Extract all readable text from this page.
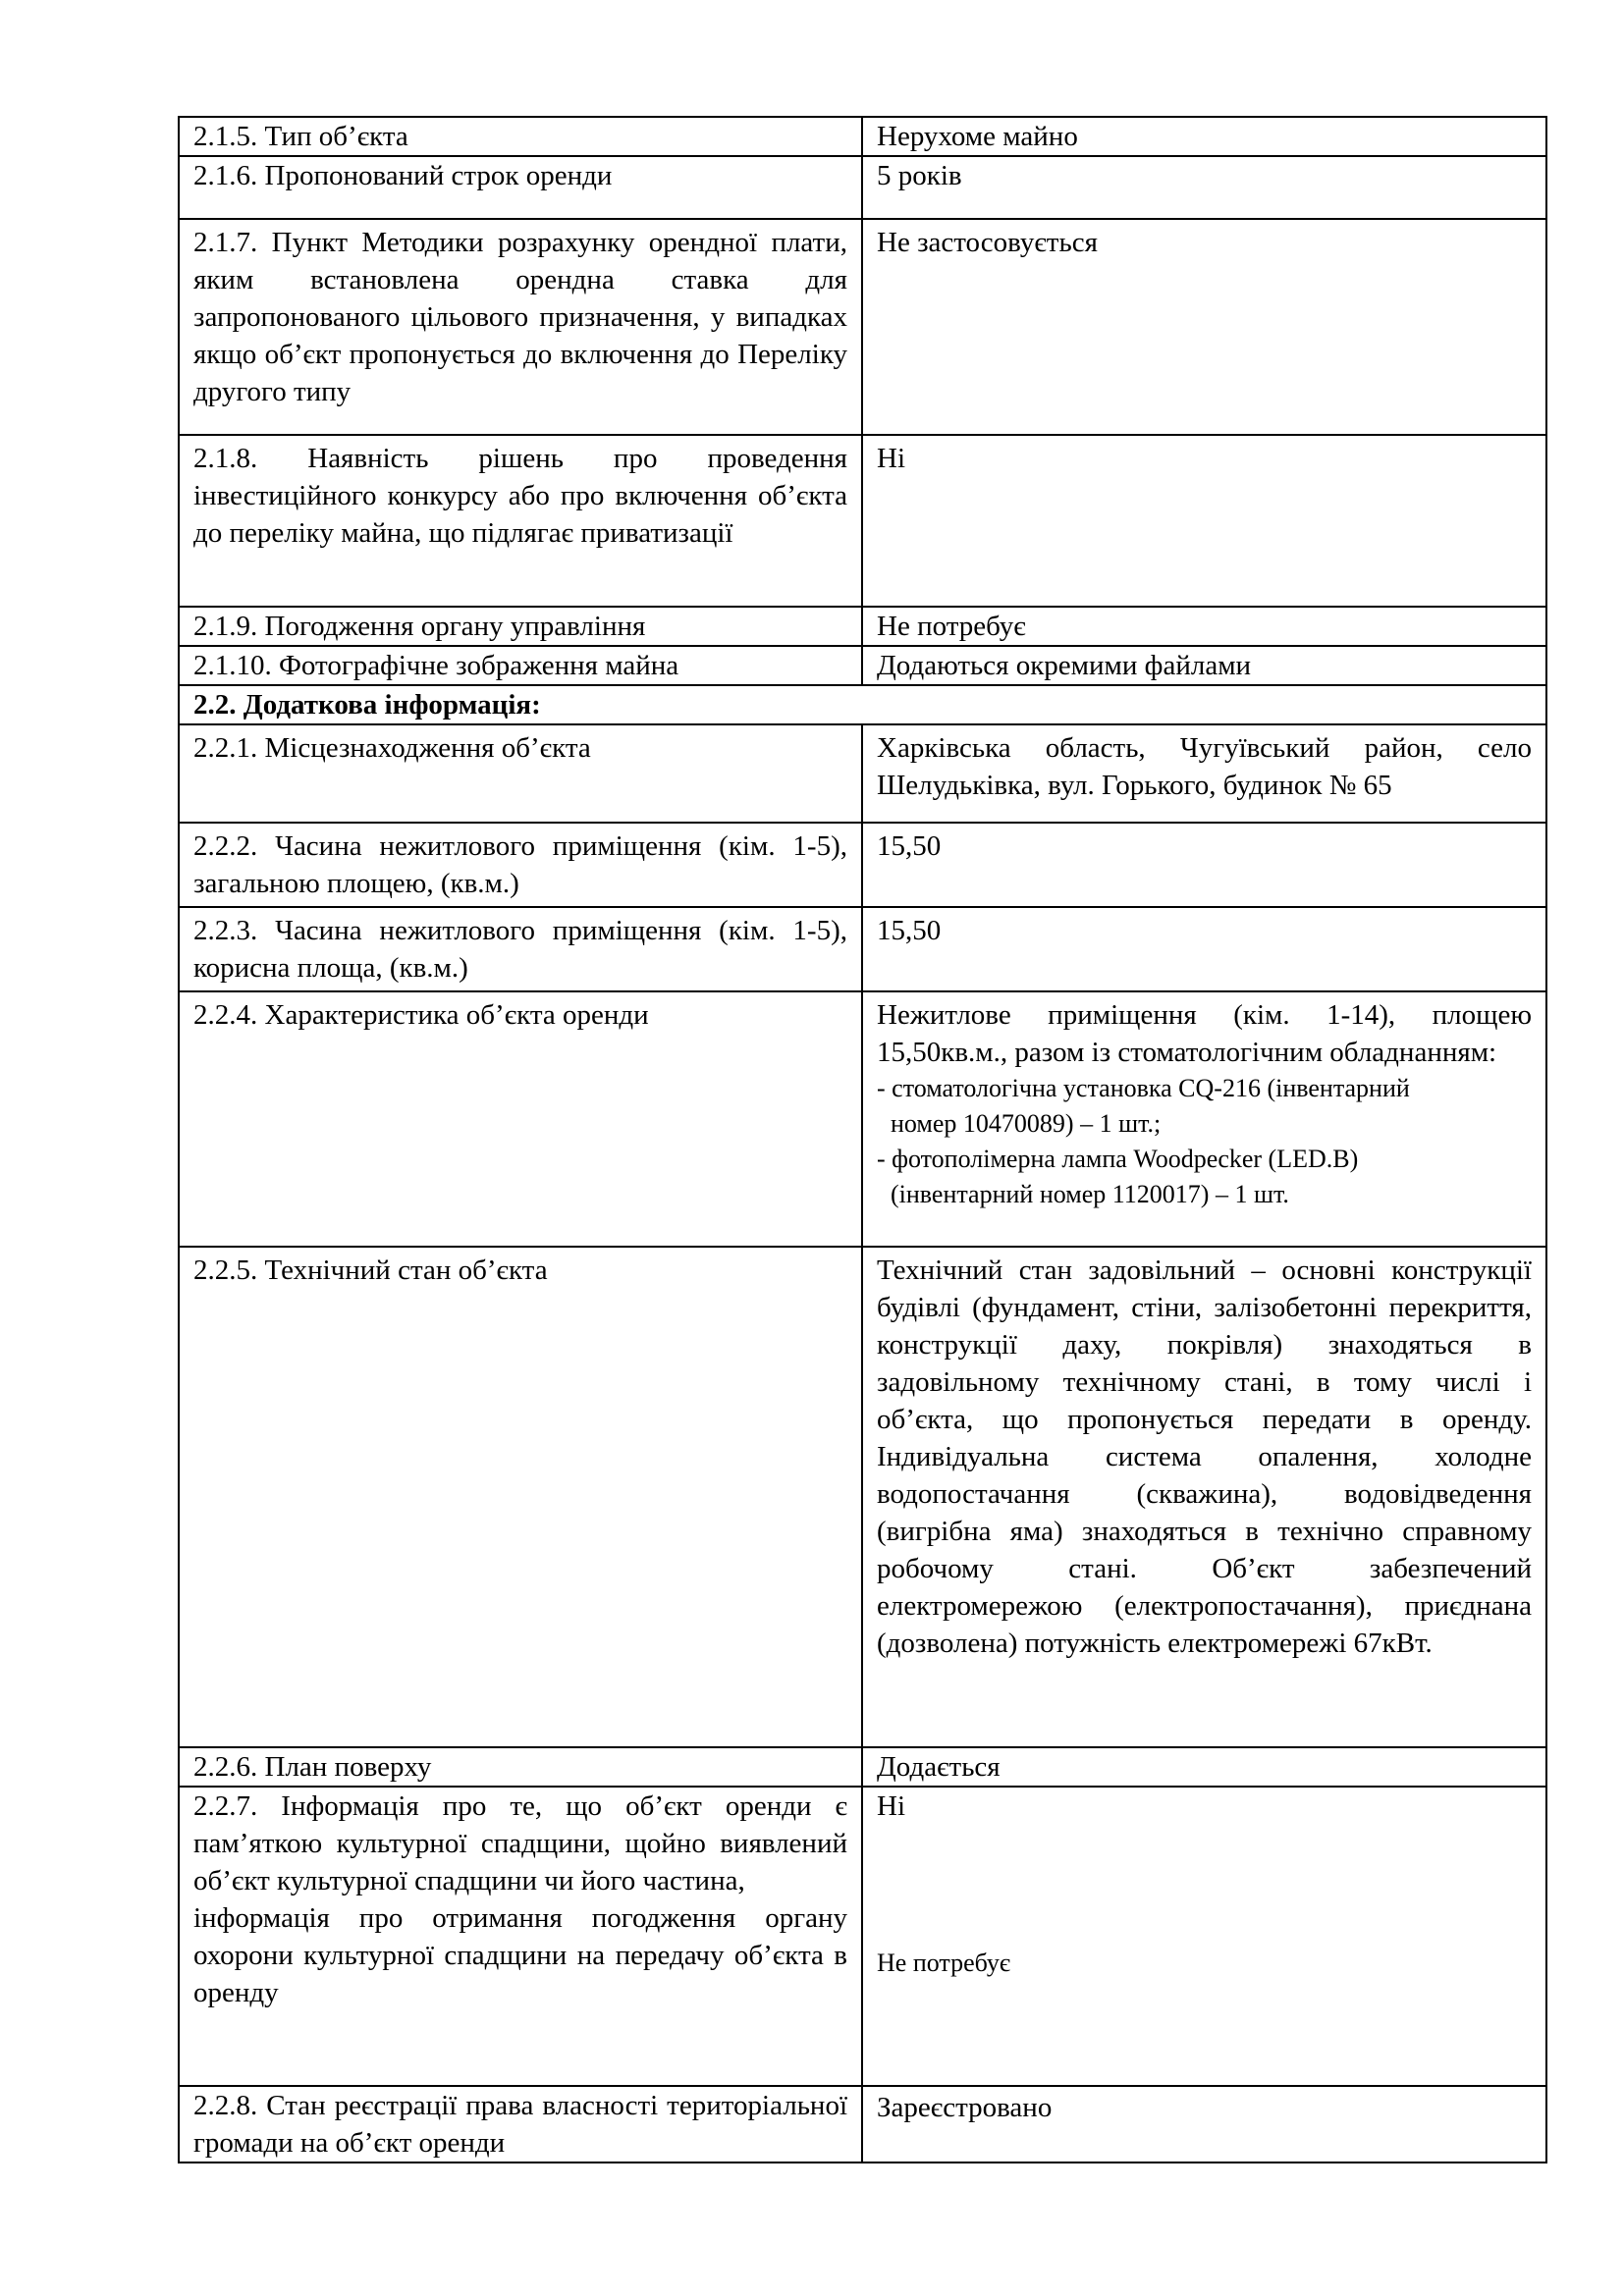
2.1.5. Тип об’єкта	Нерухоме майно
2.1.6. Пропонований строк оренди	5 років
2.1.7. Пункт Методики розрахунку орендної плати, яким встановлена орендна ставка для запропонованого цільового призначення, у випадках якщо об’єкт пропонується до включення до Переліку другого типу	Не застосовується
2.1.8. Наявність рішень про проведення інвестиційного конкурсу або про включення об’єкта до переліку майна, що підлягає приватизації	Ні
2.1.9. Погодження органу управління	Не потребує
2.1.10. Фотографічне зображення майна	Додаються окремими файлами
2.2. Додаткова інформація:	
2.2.1. Місцезнаходження об’єкта	Харківська область, Чугуївський район, село Шелудьківка, вул. Горького, будинок № 65
2.2.2. Часина нежитлового приміщення (кім. 1-5), загальною площею, (кв.м.)	15,50
2.2.3. Часина нежитлового приміщення (кім. 1-5), корисна площа, (кв.м.)	15,50
2.2.4. Характеристика об’єкта оренди	Нежитлове приміщення (кім. 1-14), площею 15,50кв.м., разом із стоматологічним обладнанням:
- стоматологічна установка CQ-216 (інвентарний
номер 10470089) – 1 шт.;
- фотополімерна лампа Woodpecker (LED.B)
(інвентарний номер 1120017) – 1 шт.

2.2.5. Технічний стан об’єкта	Технічний стан задовільний – основні конструкції будівлі (фундамент, стіни, залізобетонні перекриття, конструкції даху, покрівля) знаходяться в задовільному технічному стані, в тому числі і об’єкта, що пропонується передати в оренду. Індивідуальна система опалення, холодне водопостачання (скважина), водовідведення (вигрібна яма) знаходяться в технічно справному робочому стані. Об’єкт забезпечений електромережою (електропостачання), приєднана (дозволена) потужність електромережі 67кВт.
2.2.6. План поверху	Додається

2.2.7. Інформація про те, що об’єкт оренди є пам’яткою культурної спадщини, щойно виявлений об’єкт культурної спадщини чи його частина,
інформація про отримання погодження органу охорони культурної спадщини на передачу об’єкта в оренду	Ні
Не потребує

2.2.8. Стан реєстрації права власності територіальної громади на об’єкт оренди	Зареєстровано
